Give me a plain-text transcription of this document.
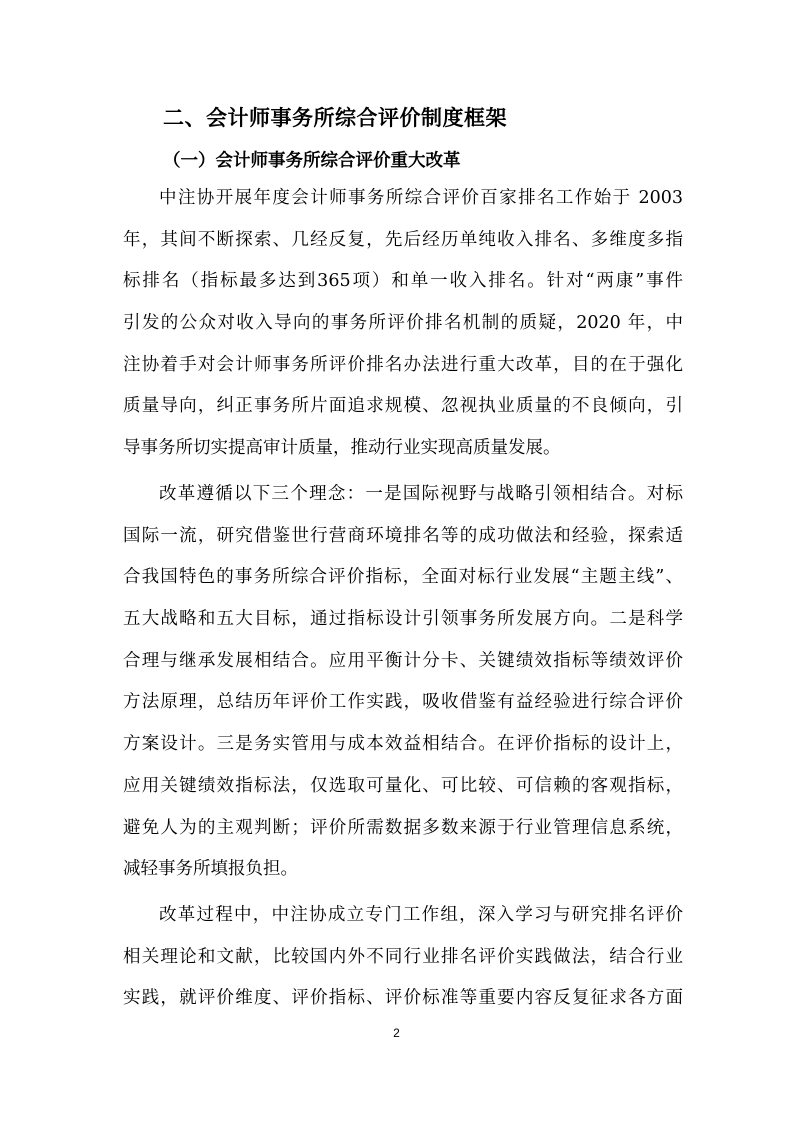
二、会计师事务所综合评价制度框架
（一）会计师事务所综合评价重大改革
中注协开展年度会计师事务所综合评价百家排名工作始于 2003
年，其间不断探索、几经反复，先后经历单纯收入排名、多维度多指
标排名（指标最多达到365项）和单一收入排名。针对“两康”事件
引发的公众对收入导向的事务所评价排名机制的质疑，2020 年，中
注协着手对会计师事务所评价排名办法进行重大改革，目的在于强化
质量导向，纠正事务所片面追求规模、忽视执业质量的不良倾向，引
导事务所切实提高审计质量，推动行业实现高质量发展。
改革遵循以下三个理念：一是国际视野与战略引领相结合。对标
国际一流，研究借鉴世行营商环境排名等的成功做法和经验，探索适
合我国特色的事务所综合评价指标，全面对标行业发展“主题主线”、
五大战略和五大目标，通过指标设计引领事务所发展方向。二是科学
合理与继承发展相结合。应用平衡计分卡、关键绩效指标等绩效评价
方法原理，总结历年评价工作实践，吸收借鉴有益经验进行综合评价
方案设计。三是务实管用与成本效益相结合。在评价指标的设计上，
应用关键绩效指标法，仅选取可量化、可比较、可信赖的客观指标，
避免人为的主观判断；评价所需数据多数来源于行业管理信息系统，
减轻事务所填报负担。
改革过程中，中注协成立专门工作组，深入学习与研究排名评价
相关理论和文献，比较国内外不同行业排名评价实践做法，结合行业
实践，就评价维度、评价指标、评价标准等重要内容反复征求各方面
2
